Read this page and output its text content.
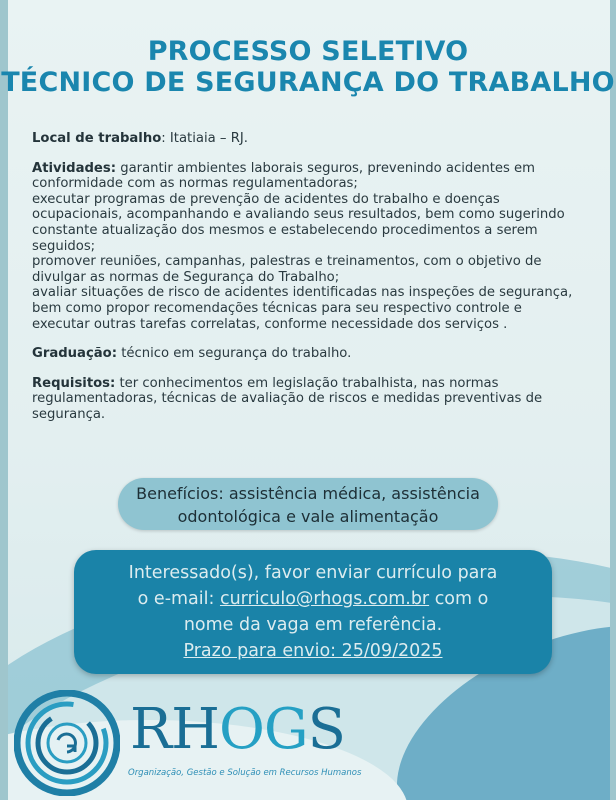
PROCESSO SELETIVO
TÉCNICO DE SEGURANÇA DO TRABALHO

Local de trabalho: Itatiaia – RJ.

Atividades: garantir ambientes laborais seguros, prevenindo acidentes em conformidade com as normas regulamentadoras;
executar programas de prevenção de acidentes do trabalho e doenças ocupacionais, acompanhando e avaliando seus resultados, bem como sugerindo constante atualização dos mesmos e estabelecendo procedimentos a serem seguidos;
promover reuniões, campanhas, palestras e treinamentos, com o objetivo de divulgar as normas de Segurança do Trabalho;
avaliar situações de risco de acidentes identificadas nas inspeções de segurança, bem como propor recomendações técnicas para seu respectivo controle e
executar outras tarefas correlatas, conforme necessidade dos serviços .

Graduação: técnico em segurança do trabalho.

Requisitos: ter conhecimentos em legislação trabalhista, nas normas regulamentadoras, técnicas de avaliação de riscos e medidas preventivas de segurança.

Benefícios: assistência médica, assistência
odontológica e vale alimentação
Interessado(s), favor enviar currículo para
o e-mail: curriculo@rhogs.com.br com o
nome da vaga em referência.
Prazo para envio: 25/09/2025
RHOGS
Organização, Gestão e Solução em Recursos Humanos
